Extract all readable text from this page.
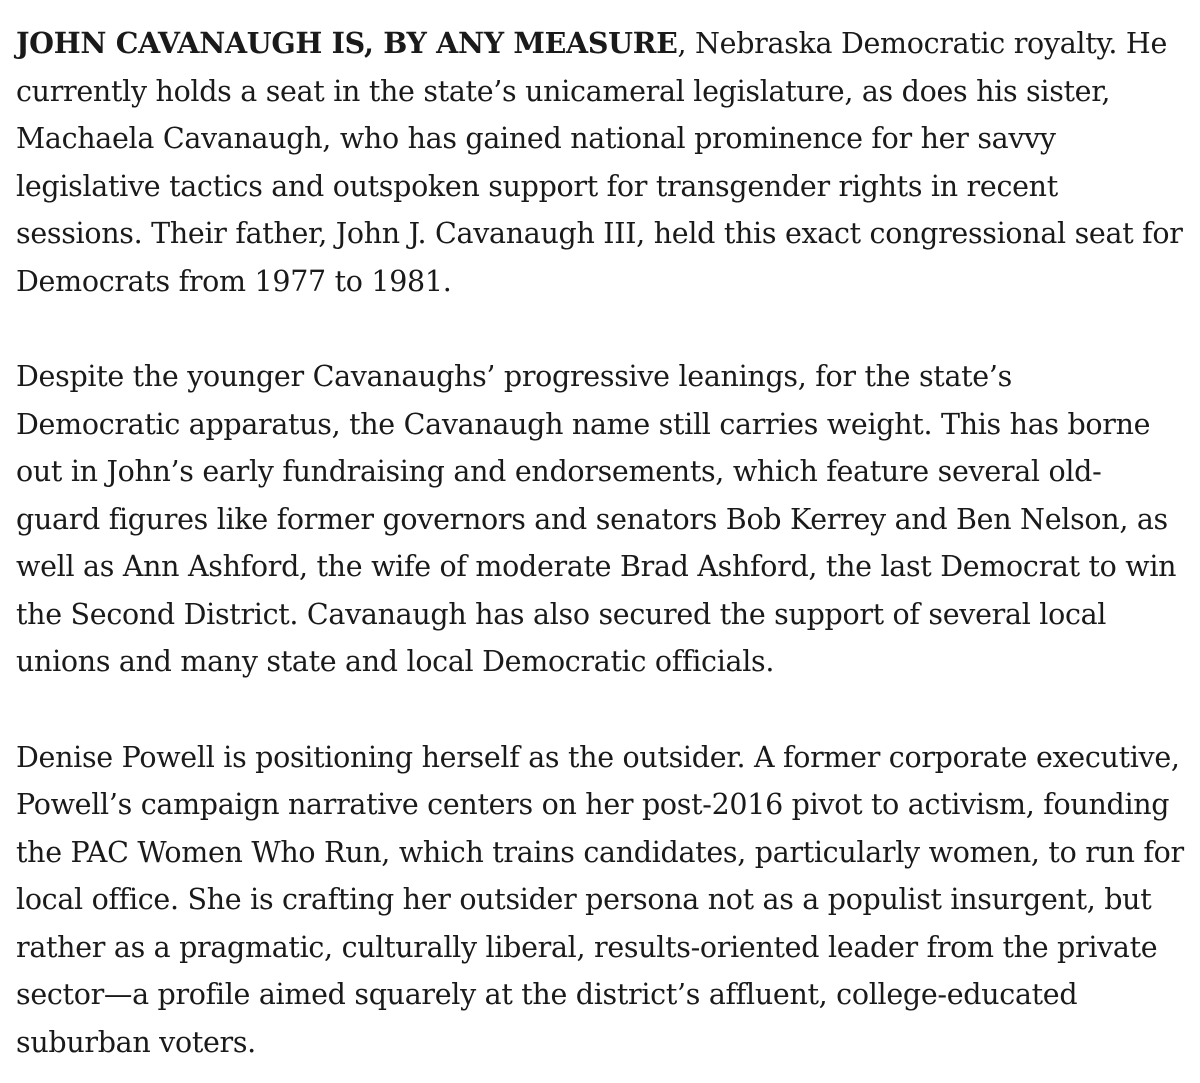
JOHN CAVANAUGH IS, BY ANY MEASURE, Nebraska Democratic royalty. He currently holds a seat in the state’s unicameral legislature, as does his sister, Machaela Cavanaugh, who has gained national prominence for her savvy legislative tactics and outspoken support for transgender rights in recent sessions. Their father, John J. Cavanaugh III, held this exact congressional seat for Democrats from 1977 to 1981.

Despite the younger Cavanaughs’ progressive leanings, for the state’s Democratic apparatus, the Cavanaugh name still carries weight. This has borne out in John’s early fundraising and endorsements, which feature several old-guard figures like former governors and senators Bob Kerrey and Ben Nelson, as well as Ann Ashford, the wife of moderate Brad Ashford, the last Democrat to win the Second District. Cavanaugh has also secured the support of several local unions and many state and local Democratic officials.

Denise Powell is positioning herself as the outsider. A former corporate executive, Powell’s campaign narrative centers on her post-2016 pivot to activism, founding the PAC Women Who Run, which trains candidates, particularly women, to run for local office. She is crafting her outsider persona not as a populist insurgent, but rather as a pragmatic, culturally liberal, results-oriented leader from the private sector—a profile aimed squarely at the district’s affluent, college-educated suburban voters.
